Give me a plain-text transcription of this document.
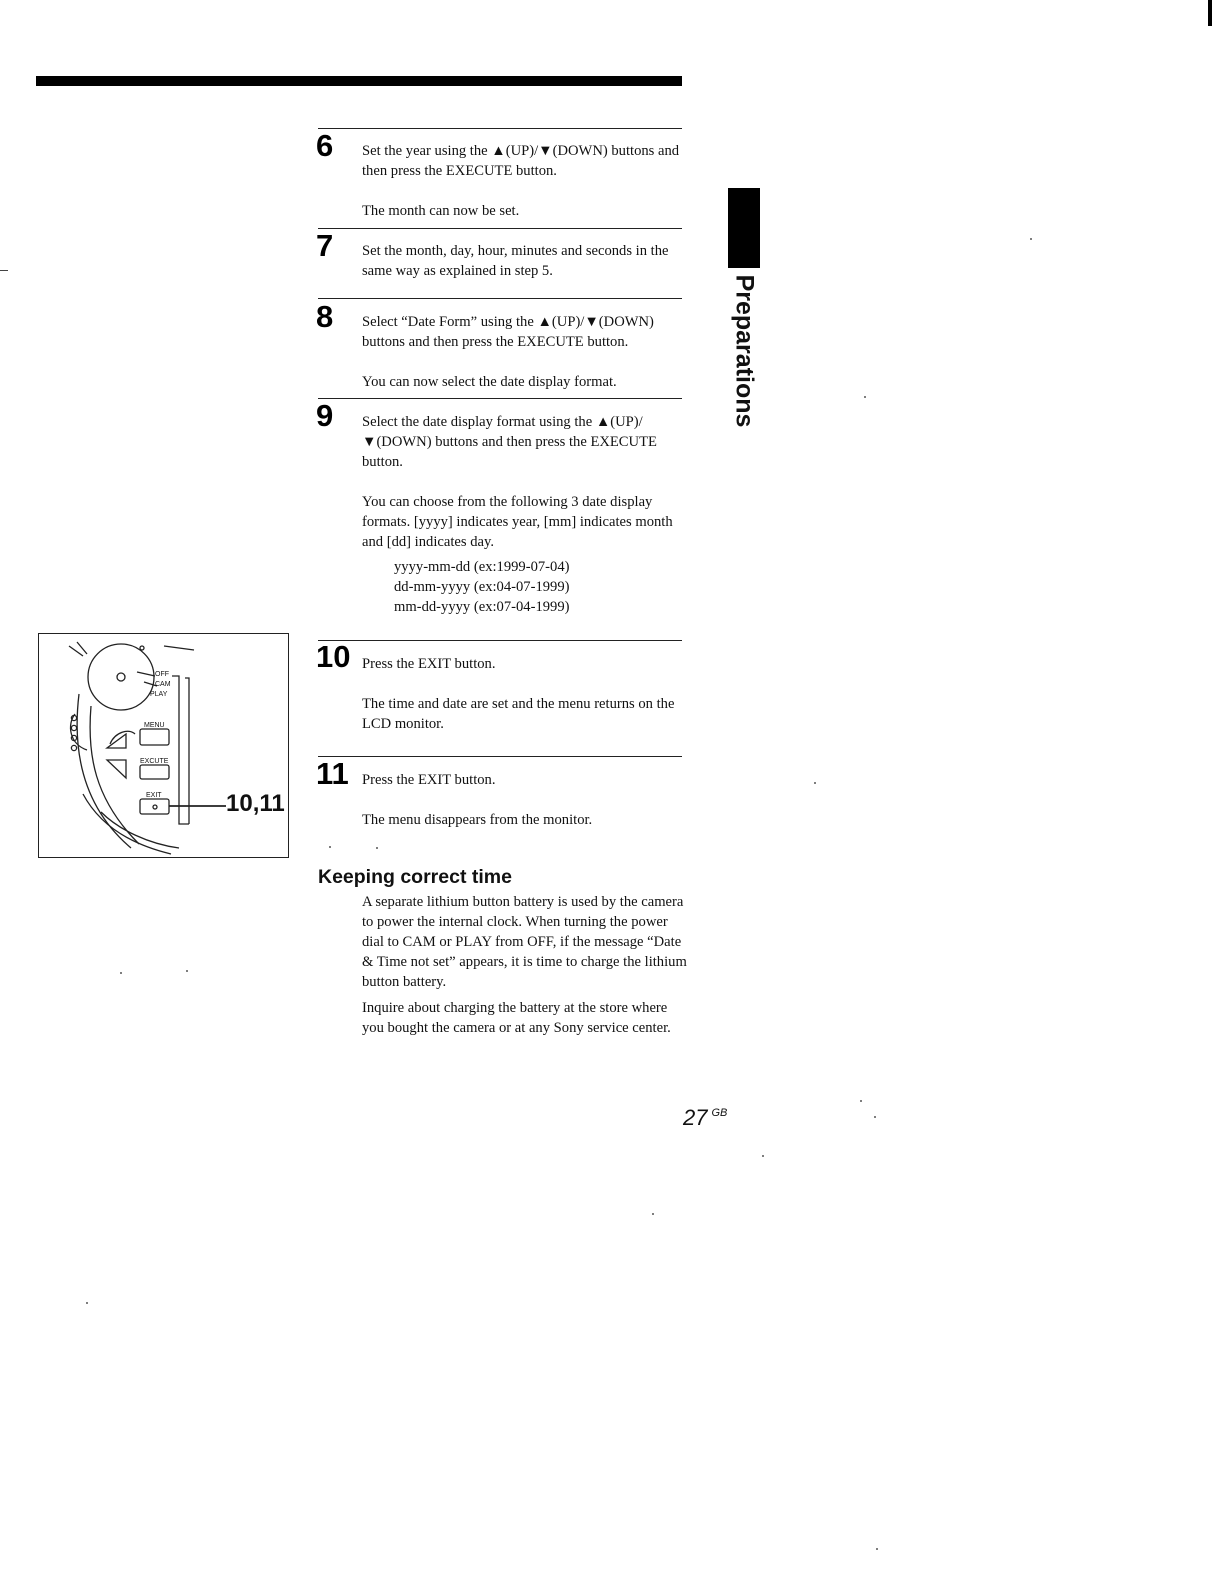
Preparations
6 Set the year using the ▲(UP)/▼(DOWN) buttons and then press the EXECUTE button.
The month can now be set.
7 Set the month, day, hour, minutes and seconds in the same way as explained in step 5.
8 Select “Date Form” using the ▲(UP)/▼(DOWN) buttons and then press the EXECUTE button.
You can now select the date display format.
9 Select the date display format using the ▲(UP)/ ▼(DOWN) buttons and then press the EXECUTE button.
You can choose from the following 3 date display formats. [yyyy] indicates year, [mm] indicates month and [dd] indicates day.
yyyy-mm-dd (ex:1999-07-04)
dd-mm-yyyy (ex:04-07-1999)
mm-dd-yyyy (ex:07-04-1999)
10 Press the EXIT button.
The time and date are set and the menu returns on the LCD monitor.
11 Press the EXIT button.
The menu disappears from the monitor.
OFF
CAM
PLAY
MENU
EXCUTE
EXIT	10,11
Keeping correct time
A separate lithium button battery is used by the camera to power the internal clock. When turning the power dial to CAM or PLAY from OFF, if the message “Date & Time not set” appears, it is time to charge the lithium button battery.
Inquire about charging the battery at the store where you bought the camera or at any Sony service center.
27 $^{GB}$
